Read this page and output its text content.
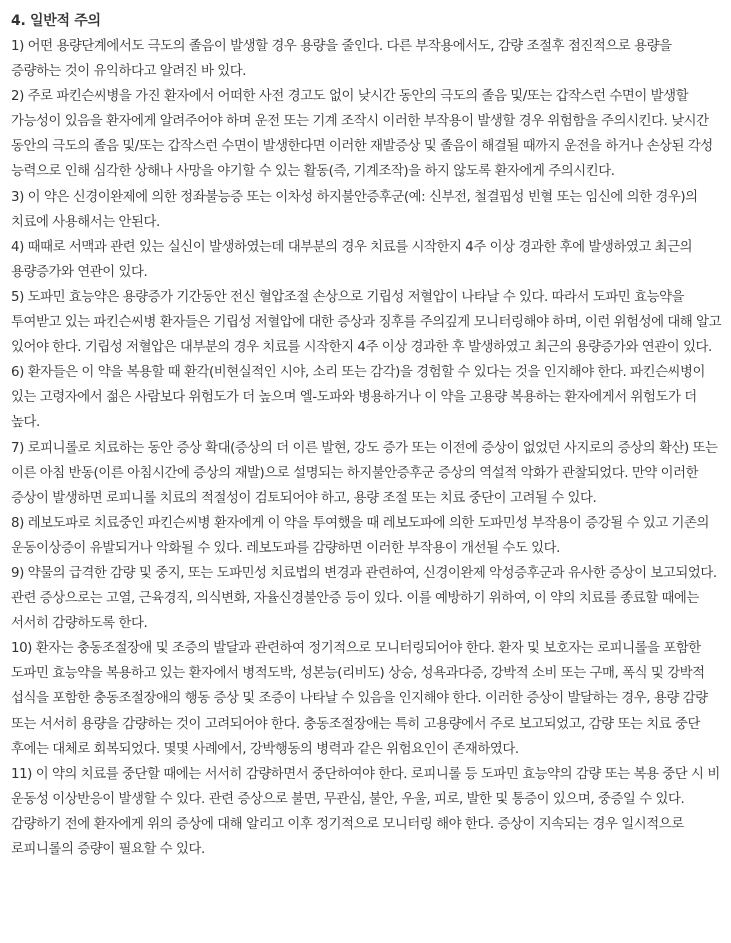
4. 일반적 주의

1) 어떤 용량단계에서도 극도의 졸음이 발생할 경우 용량을 줄인다. 다른 부작용에서도, 감량 조절후 점진적으로 용량을 증량하는 것이 유익하다고 알려진 바 있다.

2) 주로 파킨슨씨병을 가진 환자에서 어떠한 사전 경고도 없이 낮시간 동안의 극도의 졸음 및/또는 갑작스런 수면이 발생할 가능성이 있음을 환자에게 알려주어야 하며 운전 또는 기계 조작시 이러한 부작용이 발생할 경우 위험함을 주의시킨다. 낮시간 동안의 극도의 졸음 및/또는 갑작스런 수면이 발생한다면 이러한 재발증상 및 졸음이 해결될 때까지 운전을 하거나 손상된 각성 능력으로 인해 심각한 상해나 사망을 야기할 수 있는 활동(즉, 기계조작)을 하지 않도록 환자에게 주의시킨다.

3) 이 약은 신경이완제에 의한 정좌불능증 또는 이차성 하지불안증후군(예: 신부전, 철결핍성 빈혈 또는 임신에 의한 경우)의 치료에 사용해서는 안된다.

4) 때때로 서맥과 관련 있는 실신이 발생하였는데 대부분의 경우 치료를 시작한지 4주 이상 경과한 후에 발생하였고 최근의 용량증가와 연관이 있다.

5) 도파민 효능약은 용량증가 기간동안 전신 혈압조절 손상으로 기립성 저혈압이 나타날 수 있다. 따라서 도파민 효능약을 투여받고 있는 파킨슨씨병 환자들은 기립성 저혈압에 대한 증상과 징후를 주의깊게 모니터링해야 하며, 이런 위험성에 대해 알고 있어야 한다. 기립성 저혈압은 대부분의 경우 치료를 시작한지 4주 이상 경과한 후 발생하였고 최근의 용량증가와 연관이 있다.

6) 환자들은 이 약을 복용할 때 환각(비현실적인 시야, 소리 또는 감각)을 경험할 수 있다는 것을 인지해야 한다. 파킨슨씨병이 있는 고령자에서 젊은 사람보다 위험도가 더 높으며 엘-도파와 병용하거나 이 약을 고용량 복용하는 환자에게서 위험도가 더 높다.

7) 로피니롤로 치료하는 동안 증상 확대(증상의 더 이른 발현, 강도 증가 또는 이전에 증상이 없었던 사지로의 증상의 확산) 또는 이른 아침 반동(이른 아침시간에 증상의 재발)으로 설명되는 하지불안증후군 증상의 역설적 악화가 관찰되었다. 만약 이러한 증상이 발생하면 로피니롤 치료의 적절성이 검토되어야 하고, 용량 조절 또는 치료 중단이 고려될 수 있다.

8) 레보도파로 치료중인 파킨슨씨병 환자에게 이 약을 투여했을 때 레보도파에 의한 도파민성 부작용이 증강될 수 있고 기존의 운동이상증이 유발되거나 악화될 수 있다. 레보도파를 감량하면 이러한 부작용이 개선될 수도 있다.

9) 약물의 급격한 감량 및 중지, 또는 도파민성 치료법의 변경과 관련하여, 신경이완제 악성증후군과 유사한 증상이 보고되었다. 관련 증상으로는 고열, 근육경직, 의식변화, 자율신경불안증 등이 있다. 이를 예방하기 위하여, 이 약의 치료를 종료할 때에는 서서히 감량하도록 한다.

10) 환자는 충동조절장애 및 조증의 발달과 관련하여 정기적으로 모니터링되어야 한다. 환자 및 보호자는 로피니롤을 포함한 도파민 효능약을 복용하고 있는 환자에서 병적도박, 성본능(리비도) 상승, 성욕과다증, 강박적 소비 또는 구매, 폭식 및 강박적 섭식을 포함한 충동조절장애의 행동 증상 및 조증이 나타날 수 있음을 인지해야 한다. 이러한 증상이 발달하는 경우, 용량 감량 또는 서서히 용량을 감량하는 것이 고려되어야 한다. 충동조절장애는 특히 고용량에서 주로 보고되었고, 감량 또는 치료 중단 후에는 대체로 회복되었다. 몇몇 사례에서, 강박행동의 병력과 같은 위험요인이 존재하였다.

11) 이 약의 치료를 중단할 때에는 서서히 감량하면서 중단하여야 한다. 로피니롤 등 도파민 효능약의 감량 또는 복용 중단 시 비 운동성 이상반응이 발생할 수 있다. 관련 증상으로 불면, 무관심, 불안, 우울, 피로, 발한 및 통증이 있으며, 중증일 수 있다. 감량하기 전에 환자에게 위의 증상에 대해 알리고 이후 정기적으로 모니터링 해야 한다. 증상이 지속되는 경우 일시적으로 로피니롤의 증량이 필요할 수 있다.
